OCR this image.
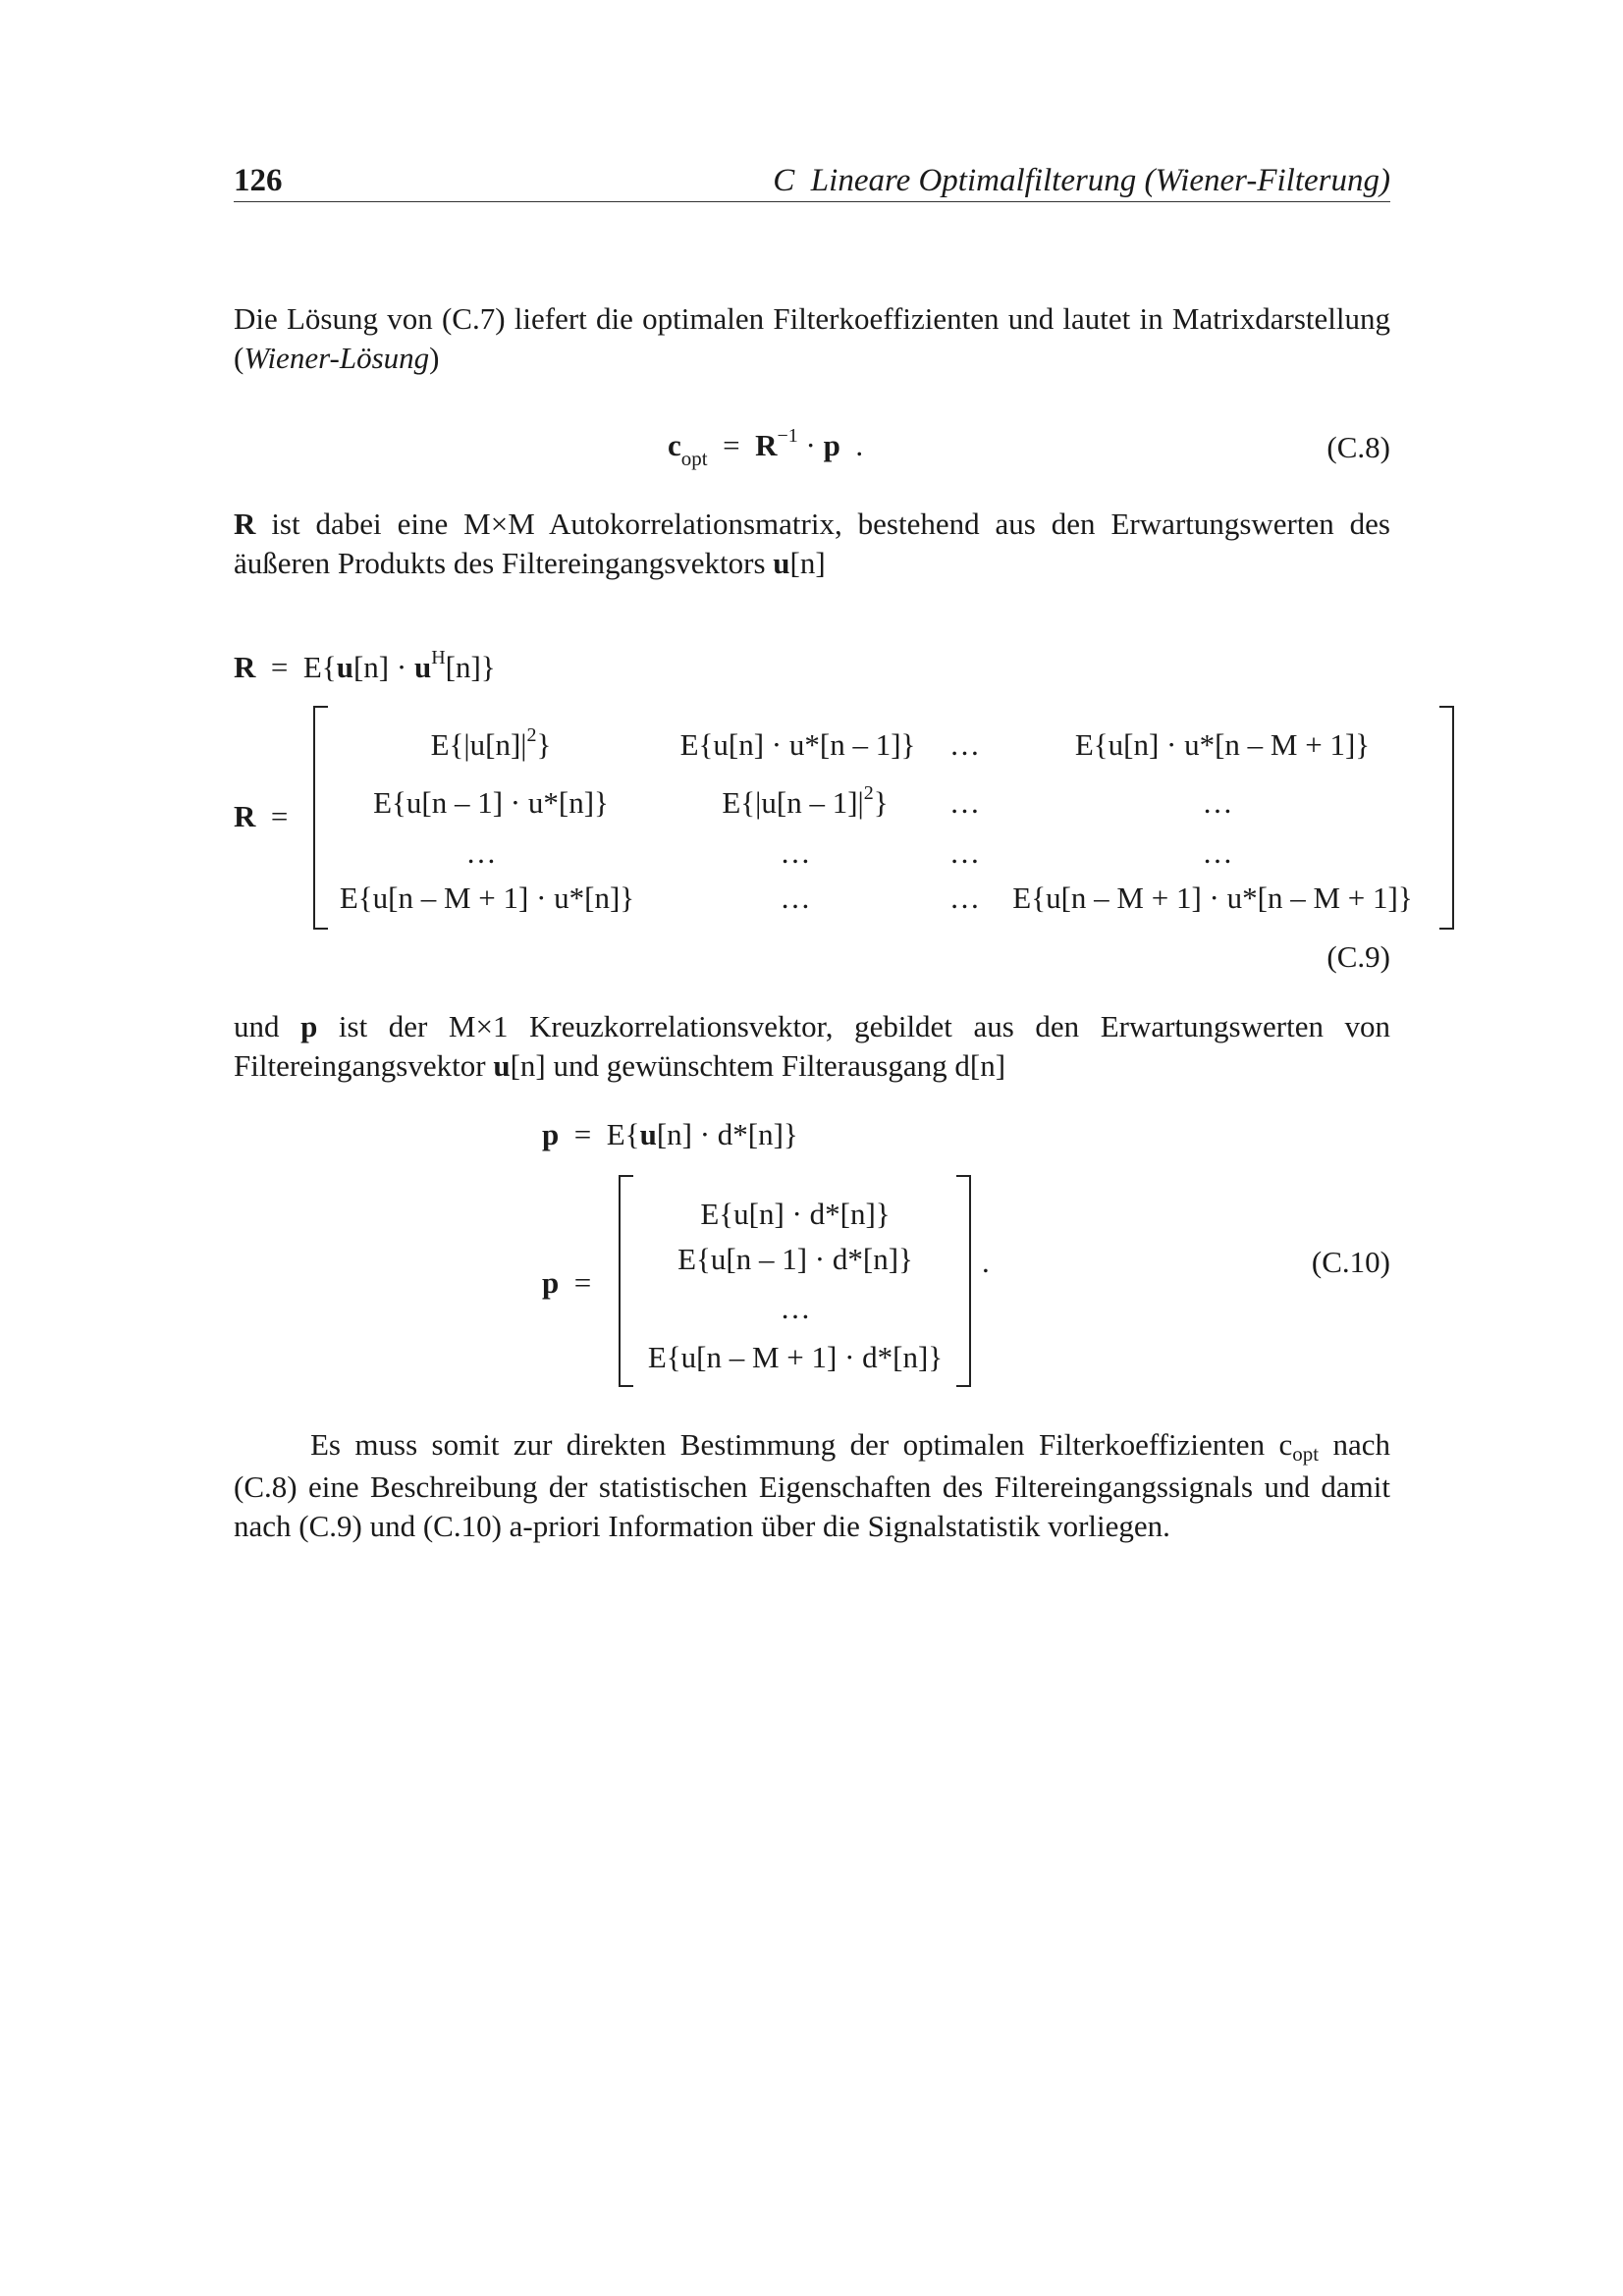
126	C Lineare Optimalfilterung (Wiener-Filterung)
Die Lösung von (C.7) liefert die optimalen Filterkoeffizienten und lautet in Matrixdarstellung (Wiener-Lösung)
$c_{opt} = R^{-1} \cdot p$ .	(C.8)
R ist dabei eine M×M Autokorrelationsmatrix, bestehend aus den Erwartungswerten des äußeren Produkts des Filtereingangsvektors u[n]
$R = E\{u[n] \cdot u^H[n]\}$
R =
$E\{|u[n]|^2\}$	E{u[n] · u*[n – 1]}	…	E{u[n] · u*[n – M + 1]}
E{u[n – 1] · u*[n]}	$E\{|u[n - 1]|^2\}$	…	…
…	…	…	…
E{u[n – M + 1] · u*[n]}	…	…	E{u[n – M + 1] · u*[n – M + 1]}
(C.9)
und p ist der M×1 Kreuzkorrelationsvektor, gebildet aus den Erwartungswerten von Filtereingangsvektor u[n] und gewünschtem Filterausgang d[n]
p = E{u[n] · d*[n]}
p =
E{u[n] · d*[n]}
E{u[n – 1] · d*[n]}
…
E{u[n – M + 1] · d*[n]}
.	(C.10)
Es muss somit zur direkten Bestimmung der optimalen Filterkoeffizienten copt nach (C.8) eine Beschreibung der statistischen Eigenschaften des Filtereingangssignals und damit nach (C.9) und (C.10) a-priori Information über die Signalstatistik vorliegen.
